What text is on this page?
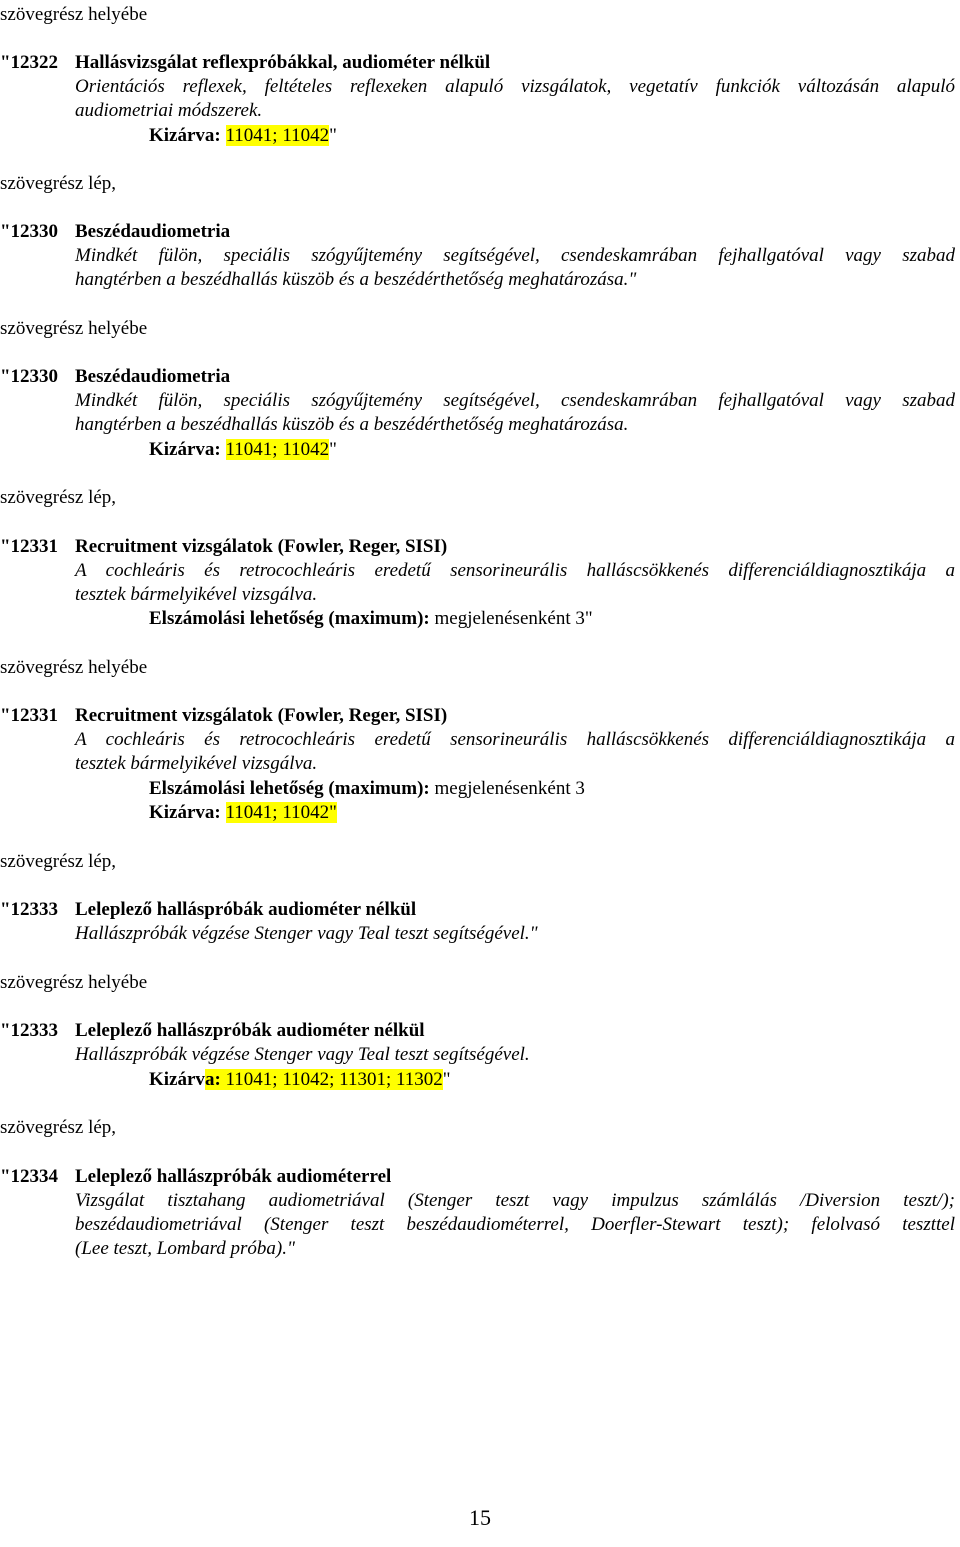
szövegrész helyébe
"12322 Hallásvizsgálat reflexpróbákkal, audiométer nélkül
Orientációs reflexek, feltételes reflexeken alapuló vizsgálatok, vegetatív funkciók változásán alapuló
audiometriai módszerek.
Kizárva: 11041; 11042"
szövegrész lép,
"12330 Beszédaudiometria
Mindkét fülön, speciális szógyűjtemény segítségével, csendeskamrában fejhallgatóval vagy szabad
hangtérben a beszédhallás küszöb és a beszédérthetőség meghatározása."
szövegrész helyébe
"12330 Beszédaudiometria
Mindkét fülön, speciális szógyűjtemény segítségével, csendeskamrában fejhallgatóval vagy szabad
hangtérben a beszédhallás küszöb és a beszédérthetőség meghatározása.
Kizárva: 11041; 11042"
szövegrész lép,
"12331 Recruitment vizsgálatok (Fowler, Reger, SISI)
A cochleáris és retrocochleáris eredetű sensorineurális halláscsökkenés differenciáldiagnosztikája a
tesztek bármelyikével vizsgálva.
Elszámolási lehetőség (maximum): megjelenésenként 3"
szövegrész helyébe
"12331 Recruitment vizsgálatok (Fowler, Reger, SISI)
A cochleáris és retrocochleáris eredetű sensorineurális halláscsökkenés differenciáldiagnosztikája a
tesztek bármelyikével vizsgálva.
Elszámolási lehetőség (maximum): megjelenésenként 3
Kizárva: 11041; 11042"
szövegrész lép,
"12333 Leleplező halláspróbák audiométer nélkül
Hallászpróbák végzése Stenger vagy Teal teszt segítségével."
szövegrész helyébe
"12333 Leleplező hallászpróbák audiométer nélkül
Hallászpróbák végzése Stenger vagy Teal teszt segítségével.
Kizárva: 11041; 11042; 11301; 11302"
szövegrész lép,
"12334 Leleplező hallászpróbák audiométerrel
Vizsgálat tisztahang audiometriával (Stenger teszt vagy impulzus számlálás /Diversion teszt/);
beszédaudiometriával (Stenger teszt beszédaudiométerrel, Doerfler-Stewart teszt); felolvasó teszttel
(Lee teszt, Lombard próba)."
15
